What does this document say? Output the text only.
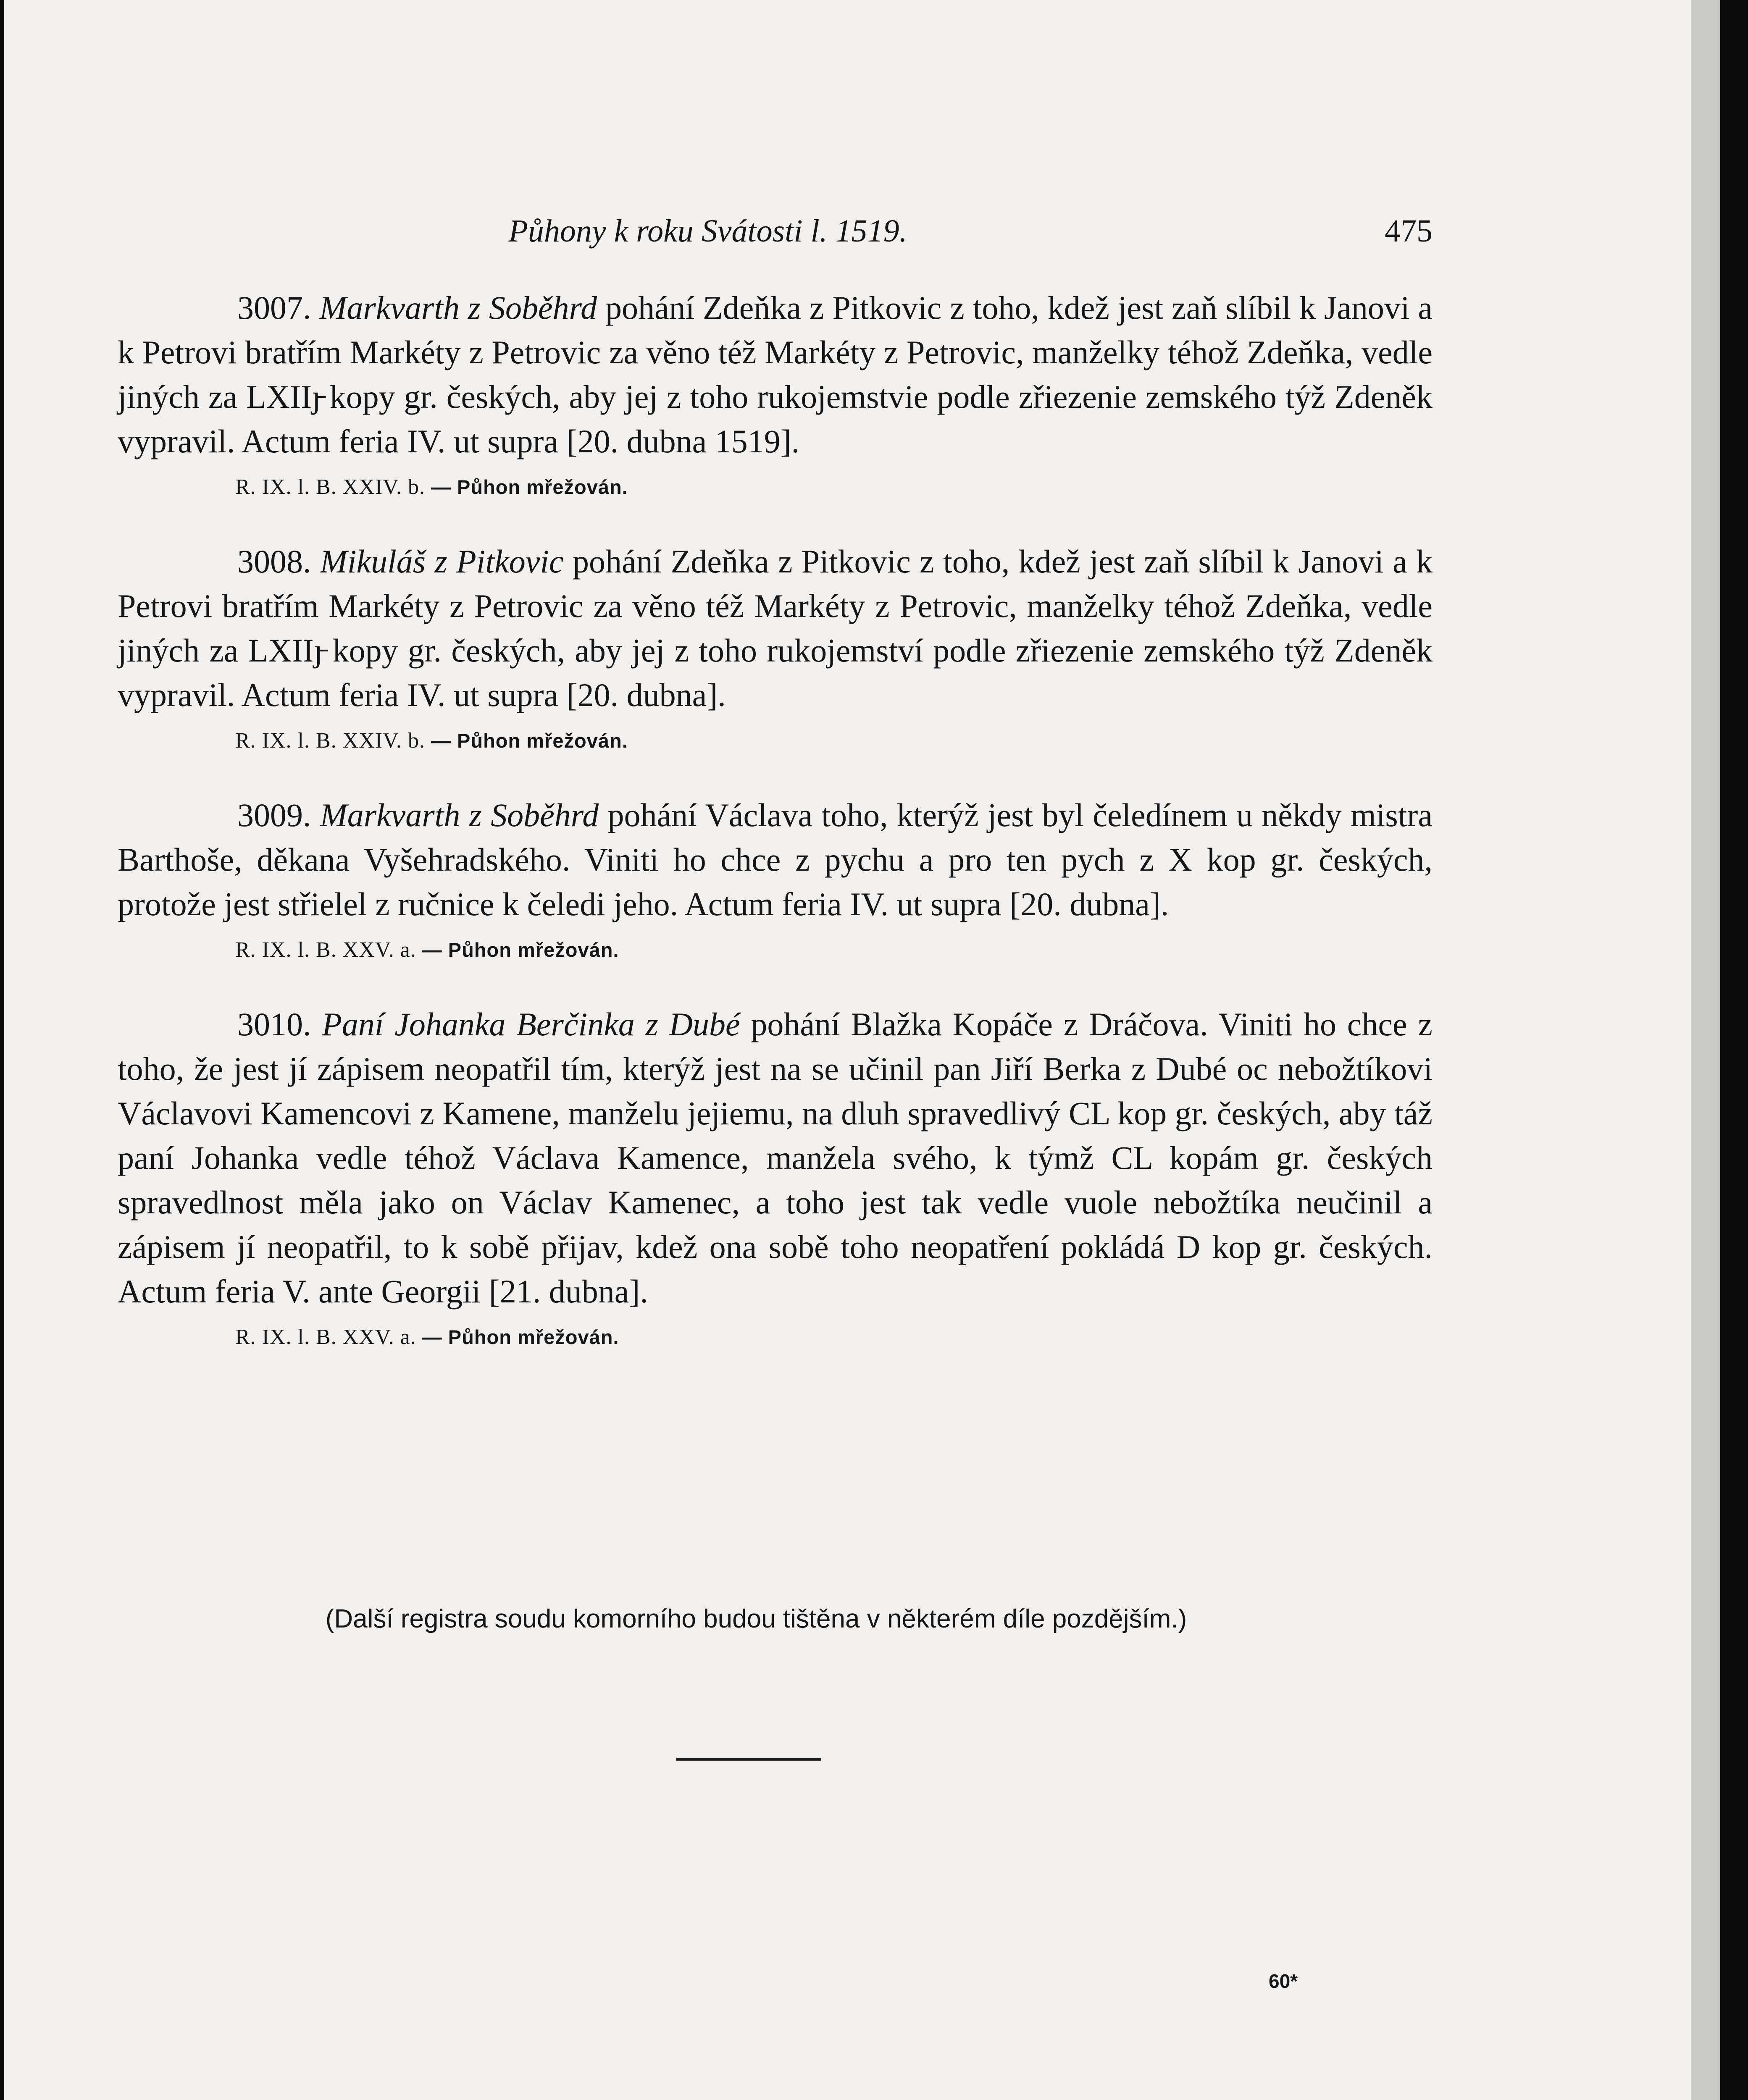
Půhony k roku Svátosti l. 1519.	475

3007. Markvarth z Soběhrd pohání Zdeňka z Pitkovic z toho, kdež jest zaň slíbil k Janovi a k Petrovi bratřím Markéty z Petrovic za věno též Markéty z Petrovic, manželky téhož Zdeňka, vedle jiných za LXIIȷ̵ kopy gr. českých, aby jej z toho rukojemstvie podle zřiezenie zemského týž Zdeněk vypravil. Actum feria IV. ut supra [20. dubna 1519].

R. IX. l. B. XXIV. b. — Půhon mřežován.

3008. Mikuláš z Pitkovic pohání Zdeňka z Pitkovic z toho, kdež jest zaň slíbil k Janovi a k Petrovi bratřím Markéty z Petrovic za věno též Markéty z Petrovic, manželky téhož Zdeňka, vedle jiných za LXIIȷ̵ kopy gr. českých, aby jej z toho rukojemství podle zřiezenie zemského týž Zdeněk vypravil. Actum feria IV. ut supra [20. dubna].

R. IX. l. B. XXIV. b. — Půhon mřežován.

3009. Markvarth z Soběhrd pohání Václava toho, kterýž jest byl čeledínem u někdy mistra Barthoše, děkana Vyšehradského. Viniti ho chce z pychu a pro ten pych z X kop gr. českých, protože jest střielel z ručnice k čeledi jeho. Actum feria IV. ut supra [20. dubna].

R. IX. l. B. XXV. a. — Půhon mřežován.

3010. Paní Johanka Berčinka z Dubé pohání Blažka Kopáče z Dráčova. Viniti ho chce z toho, že jest jí zápisem neopatřil tím, kterýž jest na se učinil pan Jiří Berka z Dubé oc nebožtíkovi Václavovi Kamencovi z Kamene, manželu jejiemu, na dluh spravedlivý CL kop gr. českých, aby táž paní Johanka vedle téhož Václava Kamence, manžela svého, k týmž CL kopám gr. českých spravedlnost měla jako on Václav Kamenec, a toho jest tak vedle vuole nebožtíka neučinil a zápisem jí neopatřil, to k sobě přijav, kdež ona sobě toho neopatření pokládá D kop gr. českých. Actum feria V. ante Georgii [21. dubna].

R. IX. l. B. XXV. a. — Půhon mřežován.
(Další registra soudu komorního budou tištěna v některém díle pozdějším.)
60*
